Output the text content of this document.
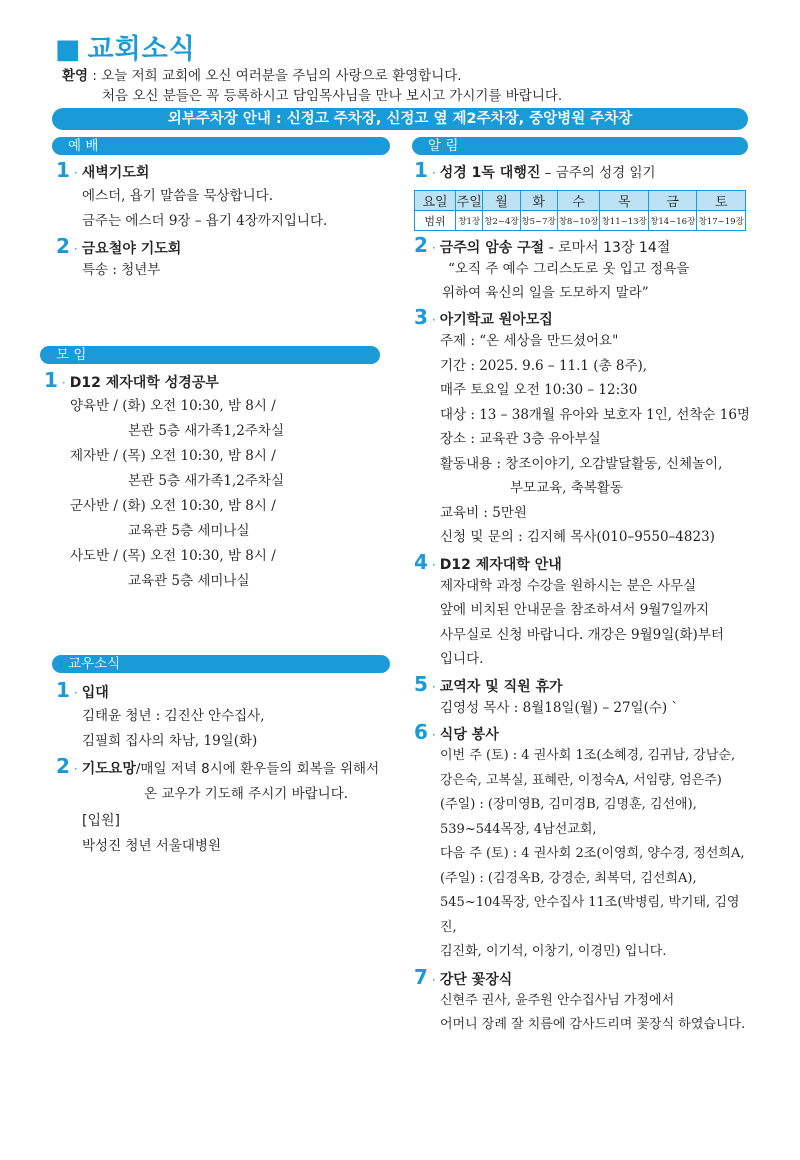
■ 교회소식
환영 : 오늘 저희 교회에 오신 여러분을 주님의 사랑으로 환영합니다.
처음 오신 분들은 꼭 등록하시고 담임목사님을 만나 보시고 가시기를 바랍니다.
외부주차장 안내 : 신정고 주차장, 신정고 옆 제2주차장, 중앙병원 주차장
예 배
1 · 새벽기도회
에스더, 욥기 말씀을 묵상합니다.
금주는 에스더 9장 – 욥기 4장까지입니다.
2 · 금요철야 기도회
특송 : 청년부
모 임
1 · D12 제자대학 성경공부
양육반 / (화) 오전 10:30, 밤 8시 /
본관 5층 새가족1,2주차실
제자반 / (목) 오전 10:30, 밤 8시 /
본관 5층 새가족1,2주차실
군사반 / (화) 오전 10:30, 밤 8시 /
교육관 5층 세미나실
사도반 / (목) 오전 10:30, 밤 8시 /
교육관 5층 세미나실
교우소식
1 · 입대
김태윤 청년 : 김진산 안수집사,
김필희 집사의 차남, 19일(화)
2 · 기도요망/매일 저녁 8시에 환우들의 회복을 위해서
온 교우가 기도해 주시기 바랍니다.
[입원]
박성진 청년 서울대병원
알 림
1 · 성경 1독 대행진 – 금주의 성경 읽기
요일	주일	월	화	수	목	금	토
범위	창1장	창2~4장	창5~7장	창8~10장	창11~13장	창14~16장	창17~19장
2 · 금주의 암송 구절 - 로마서 13장 14절
“오직 주 예수 그리스도로 옷 입고 정욕을
위하여 육신의 일을 도모하지 말라”
3 · 아기학교 원아모집
주제 : “온 세상을 만드셨어요"
기간 : 2025. 9.6 – 11.1 (총 8주),
매주 토요일 오전 10:30 – 12:30
대상 : 13 – 38개월 유아와 보호자 1인, 선착순 16명
장소 : 교육관 3층 유아부실
활동내용 : 창조이야기, 오감발달활동, 신체놀이,
부모교육, 축복활동
교육비 : 5만원
신청 및 문의 : 김지혜 목사(010–9550–4823)
4 · D12 제자대학 안내
제자대학 과정 수강을 원하시는 분은 사무실
앞에 비치된 안내문을 참조하셔서 9월7일까지
사무실로 신청 바랍니다. 개강은 9월9일(화)부터
입니다.
5 · 교역자 및 직원 휴가
김영성 목사 : 8월18일(월) – 27일(수) `
6 · 식당 봉사
이번 주 (토) : 4 권사회 1조(소혜경, 김귀남, 강남순,
강은숙, 고복실, 표혜란, 이정숙A, 서임량, 엄은주)
(주일) : (장미영B, 김미경B, 김명훈, 김선애),
539~544목장, 4남선교회,
다음 주 (토) : 4 권사회 2조(이영희, 양수경, 정선희A,
(주일) : (김경옥B, 강경순, 최복덕, 김선희A),
545~104목장, 안수집사 11조(박병림, 박기태, 김영진,
김진화, 이기석, 이창기, 이경민) 입니다.
7 · 강단 꽃장식
신현주 권사, 윤주원 안수집사님 가정에서
어머니 장례 잘 치름에 감사드리며 꽃장식 하였습니다.
